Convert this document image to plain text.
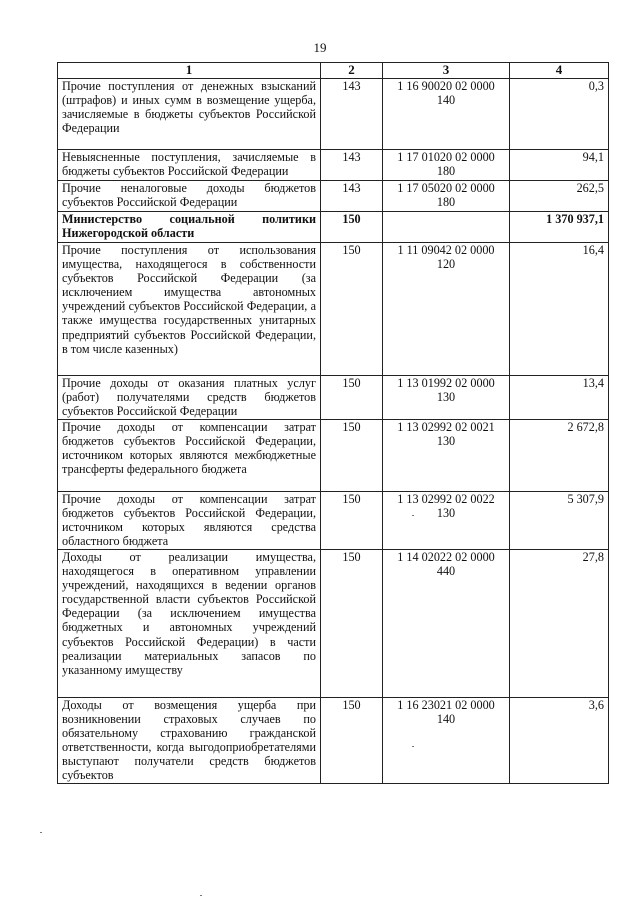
19
1	2	3	4
Прочие поступления от денежных взысканий (штрафов) и иных сумм в возмещение ущерба, зачисляемые в бюджеты субъектов Российской Федерации	143	1 16 90020 02 0000 140	0,3
Невыясненные поступления, зачисляемые в бюджеты субъектов Российской Федерации	143	1 17 01020 02 0000 180	94,1
Прочие неналоговые доходы бюджетов субъектов Российской Федерации	143	1 17 05020 02 0000 180	262,5
Министерство социальной политики Нижегородской области	150		1 370 937,1
Прочие поступления от использования имущества, находящегося в собственности субъектов Российской Федерации (за исключением имущества автономных учреждений субъектов Российской Федерации, а также имущества государственных унитарных предприятий субъектов Российской Федерации, в том числе казенных)	150	1 11 09042 02 0000 120	16,4
Прочие доходы от оказания платных услуг (работ) получателями средств бюджетов субъектов Российской Федерации	150	1 13 01992 02 0000 130	13,4
Прочие доходы от компенсации затрат бюджетов субъектов Российской Федерации, источником которых являются межбюджетные трансферты федерального бюджета	150	1 13 02992 02 0021 130	2 672,8
Прочие доходы от компенсации затрат бюджетов субъектов Российской Федерации, источником которых являются средства областного бюджета	150	1 13 02992 02 0022 130	5 307,9
Доходы от реализации имущества, находящегося в оперативном управлении учреждений, находящихся в ведении органов государственной власти субъектов Российской Федерации (за исключением имущества бюджетных и автономных учреждений субъектов Российской Федерации) в части реализации материальных запасов по указанному имуществу	150	1 14 02022 02 0000 440	27,8
Доходы от возмещения ущерба при возникновении страховых случаев по обязательному страхованию гражданской ответственности, когда выгодоприобретателями выступают получатели средств бюджетов субъектов	150	1 16 23021 02 0000 140	3,6
